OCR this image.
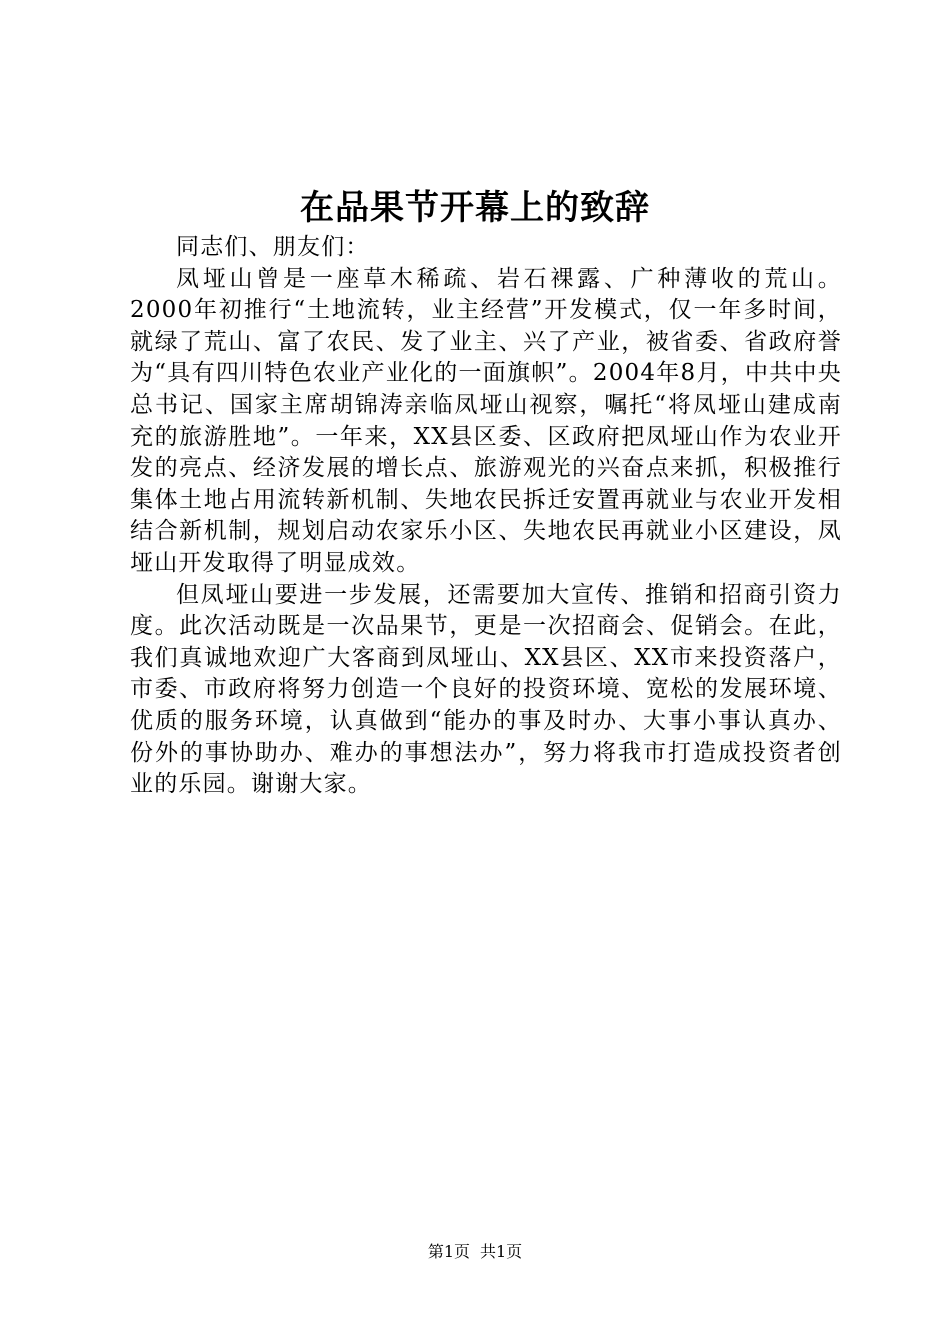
在品果节开幕上的致辞

同志们、朋友们：

凤垭山曾是一座草木稀疏、岩石裸露、广种薄收的荒山。2000年初推行“土地流转，业主经营”开发模式，仅一年多时间，就绿了荒山、富了农民、发了业主、兴了产业，被省委、省政府誉为“具有四川特色农业产业化的一面旗帜”。2004年8月，中共中央总书记、国家主席胡锦涛亲临凤垭山视察，嘱托“将凤垭山建成南充的旅游胜地”。一年来，XX县区委、区政府把凤垭山作为农业开发的亮点、经济发展的增长点、旅游观光的兴奋点来抓，积极推行集体土地占用流转新机制、失地农民拆迁安置再就业与农业开发相结合新机制，规划启动农家乐小区、失地农民再就业小区建设，凤垭山开发取得了明显成效。

但凤垭山要进一步发展，还需要加大宣传、推销和招商引资力度。此次活动既是一次品果节，更是一次招商会、促销会。在此，我们真诚地欢迎广大客商到凤垭山、XX县区、XX市来投资落户，市委、市政府将努力创造一个良好的投资环境、宽松的发展环境、优质的服务环境，认真做到“能办的事及时办、大事小事认真办、份外的事协助办、难办的事想法办”，努力将我市打造成投资者创业的乐园。谢谢大家。

第1页 共1页
